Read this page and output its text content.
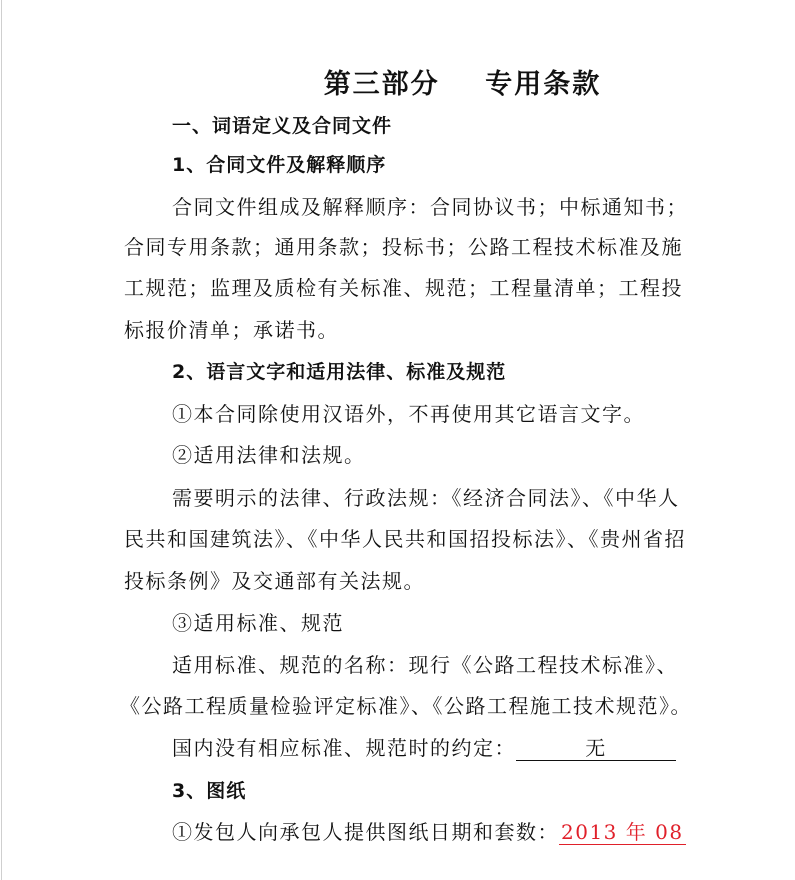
第三部分    专用条款
一、词语定义及合同文件
1、合同文件及解释顺序
合同文件组成及解释顺序：合同协议书；中标通知书；
合同专用条款；通用条款；投标书；公路工程技术标准及施
工规范；监理及质检有关标准、规范；工程量清单；工程投
标报价清单；承诺书。
2、语言文字和适用法律、标准及规范
①本合同除使用汉语外，不再使用其它语言文字。
②适用法律和法规。
需要明示的法律、行政法规：《经济合同法》、《中华人
民共和国建筑法》、《中华人民共和国招投标法》、《贵州省招
投标条例》及交通部有关法规。
③适用标准、规范
适用标准、规范的名称：现行《公路工程技术标准》、
《公路工程质量检验评定标准》、《公路工程施工技术规范》。
国内没有相应标准、规范时的约定：	无
3、图纸
①发包人向承包人提供图纸日期和套数： 2013 年 08
